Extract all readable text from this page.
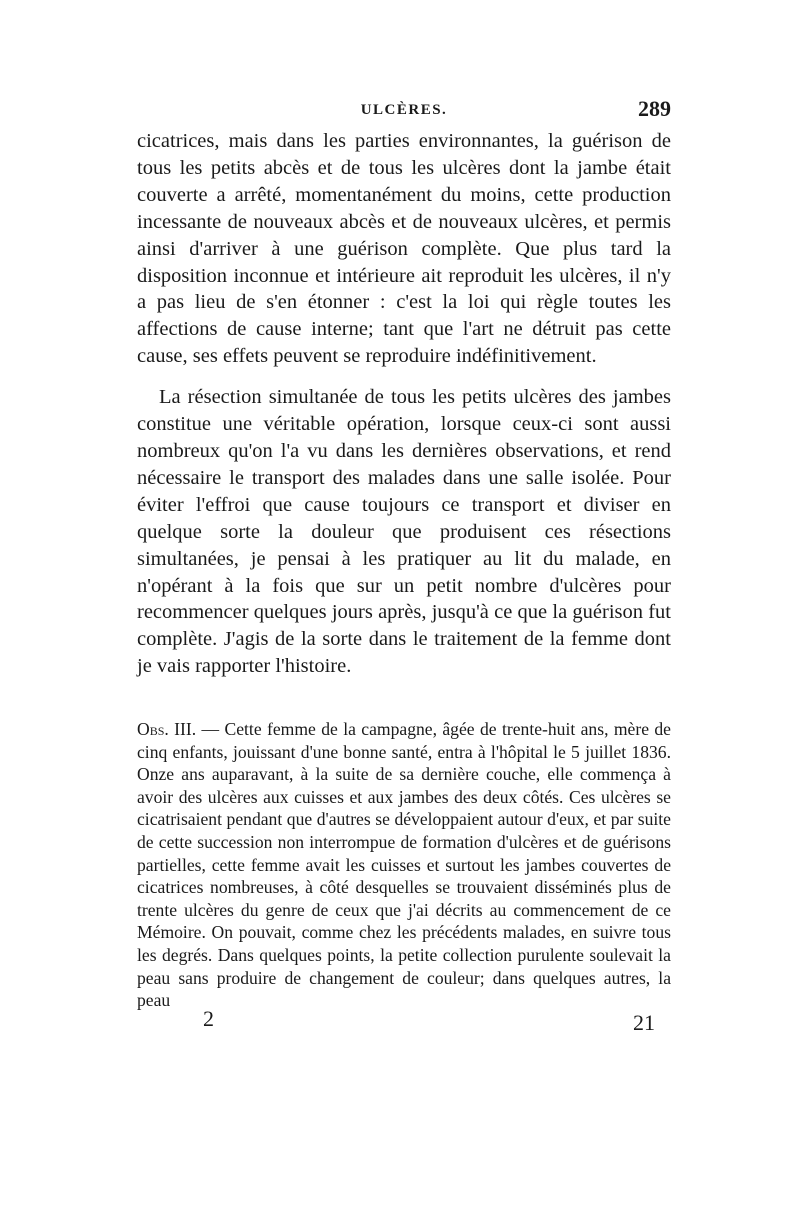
ULCÈRES.	289

cicatrices, mais dans les parties environnantes, la guérison de tous les petits abcès et de tous les ulcères dont la jambe était couverte a arrêté, momentanément du moins, cette production incessante de nouveaux abcès et de nouveaux ulcères, et permis ainsi d'arriver à une guérison complète. Que plus tard la disposition inconnue et intérieure ait reproduit les ulcères, il n'y a pas lieu de s'en étonner : c'est la loi qui règle toutes les affections de cause interne; tant que l'art ne détruit pas cette cause, ses effets peuvent se reproduire indéfinitivement.

La résection simultanée de tous les petits ulcères des jambes constitue une véritable opération, lorsque ceux-ci sont aussi nombreux qu'on l'a vu dans les dernières observations, et rend nécessaire le transport des malades dans une salle isolée. Pour éviter l'effroi que cause toujours ce transport et diviser en quelque sorte la douleur que produisent ces résections simultanées, je pensai à les pratiquer au lit du malade, en n'opérant à la fois que sur un petit nombre d'ulcères pour recommencer quelques jours après, jusqu'à ce que la guérison fut complète. J'agis de la sorte dans le traitement de la femme dont je vais rapporter l'histoire.

Obs. III. — Cette femme de la campagne, âgée de trente-huit ans, mère de cinq enfants, jouissant d'une bonne santé, entra à l'hôpital le 5 juillet 1836. Onze ans auparavant, à la suite de sa dernière couche, elle commença à avoir des ulcères aux cuisses et aux jambes des deux côtés. Ces ulcères se cicatrisaient pendant que d'autres se développaient autour d'eux, et par suite de cette succession non interrompue de formation d'ulcères et de guérisons partielles, cette femme avait les cuisses et surtout les jambes couvertes de cicatrices nombreuses, à côté desquelles se trouvaient disséminés plus de trente ulcères du genre de ceux que j'ai décrits au commencement de ce Mémoire. On pouvait, comme chez les précédents malades, en suivre tous les degrés. Dans quelques points, la petite collection purulente soulevait la peau sans produire de changement de couleur; dans quelques autres, la peau

2	21
